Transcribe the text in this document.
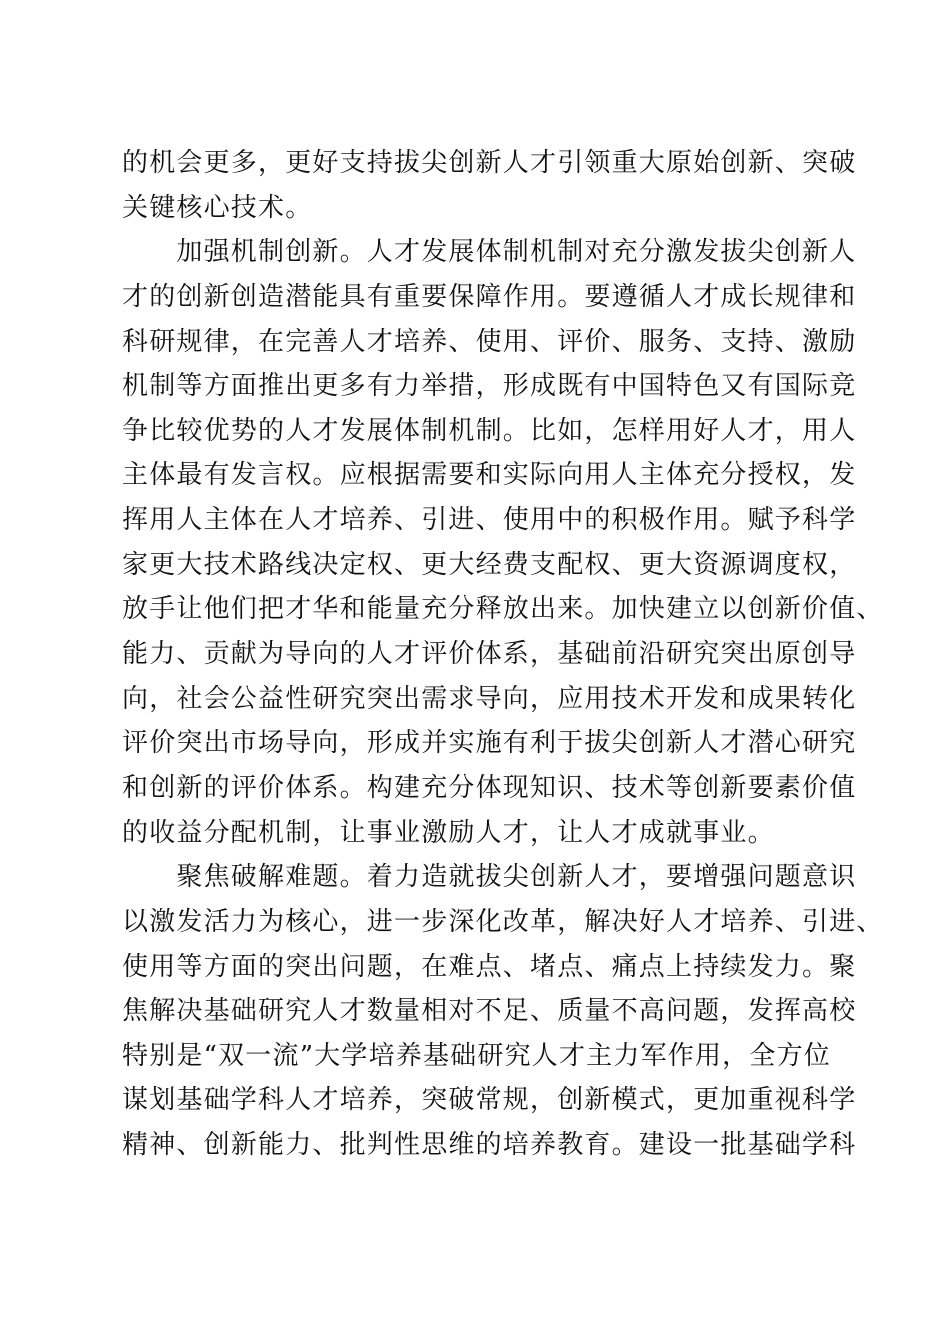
的机会更多，更好支持拔尖创新人才引领重大原始创新、突破
关键核心技术。
　　加强机制创新。人才发展体制机制对充分激发拔尖创新人
才的创新创造潜能具有重要保障作用。要遵循人才成长规律和
科研规律，在完善人才培养、使用、评价、服务、支持、激励
机制等方面推出更多有力举措，形成既有中国特色又有国际竞
争比较优势的人才发展体制机制。比如，怎样用好人才，用人
主体最有发言权。应根据需要和实际向用人主体充分授权，发
挥用人主体在人才培养、引进、使用中的积极作用。赋予科学
家更大技术路线决定权、更大经费支配权、更大资源调度权，
放手让他们把才华和能量充分释放出来。加快建立以创新价值、
能力、贡献为导向的人才评价体系，基础前沿研究突出原创导
向，社会公益性研究突出需求导向，应用技术开发和成果转化
评价突出市场导向，形成并实施有利于拔尖创新人才潜心研究
和创新的评价体系。构建充分体现知识、技术等创新要素价值
的收益分配机制，让事业激励人才，让人才成就事业。
　　聚焦破解难题。着力造就拔尖创新人才，要增强问题意识
以激发活力为核心，进一步深化改革，解决好人才培养、引进、
使用等方面的突出问题，在难点、堵点、痛点上持续发力。聚
焦解决基础研究人才数量相对不足、质量不高问题，发挥高校
特别是“双一流”大学培养基础研究人才主力军作用，全方位
谋划基础学科人才培养，突破常规，创新模式，更加重视科学
精神、创新能力、批判性思维的培养教育。建设一批基础学科
